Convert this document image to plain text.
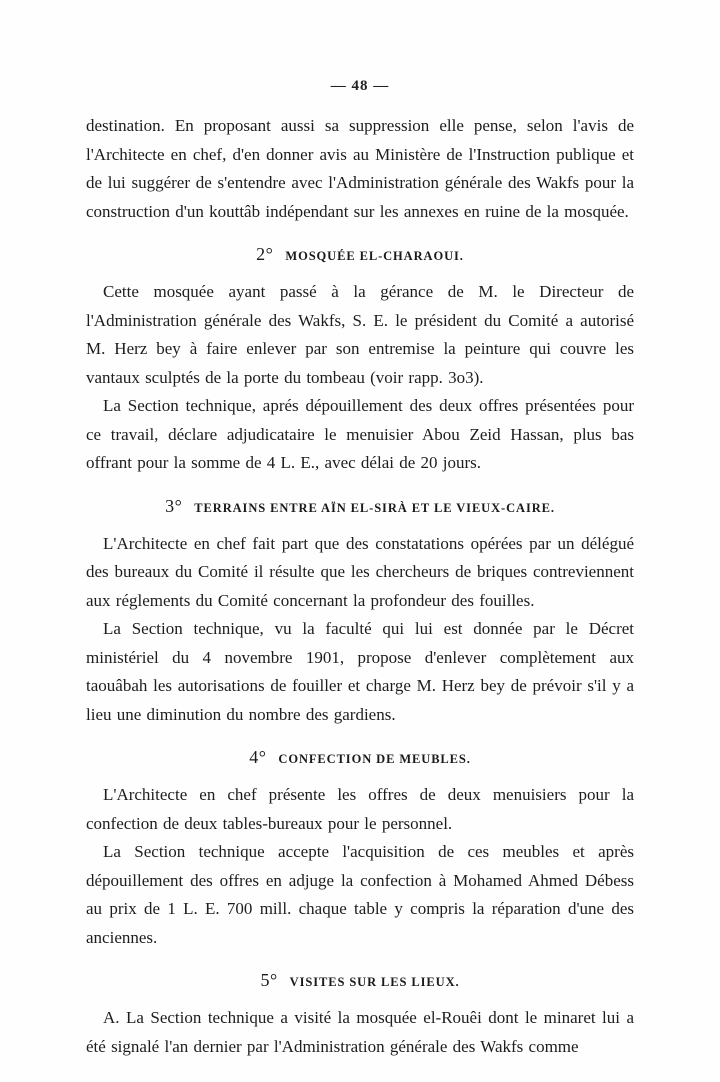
— 48 —

destination. En proposant aussi sa suppression elle pense, selon l'avis de l'Architecte en chef, d'en donner avis au Ministère de l'Instruction publique et de lui suggérer de s'entendre avec l'Administration générale des Wakfs pour la construction d'un kouttâb indépendant sur les annexes en ruine de la mosquée.

2° MOSQUÉE EL-CHARAOUI.

Cette mosquée ayant passé à la gérance de M. le Directeur de l'Administration générale des Wakfs, S. E. le président du Comité a autorisé M. Herz bey à faire enlever par son entremise la peinture qui couvre les vantaux sculptés de la porte du tombeau (voir rapp. 3o3).

La Section technique, aprés dépouillement des deux offres présentées pour ce travail, déclare adjudicataire le menuisier Abou Zeid Hassan, plus bas offrant pour la somme de 4 L. E., avec délai de 20 jours.

3° TERRAINS ENTRE AÏN EL-SIRÀ ET LE VIEUX-CAIRE.

L'Architecte en chef fait part que des constatations opérées par un délégué des bureaux du Comité il résulte que les chercheurs de briques contreviennent aux réglements du Comité concernant la profondeur des fouilles.

La Section technique, vu la faculté qui lui est donnée par le Décret ministériel du 4 novembre 1901, propose d'enlever complètement aux taouâbah les autorisations de fouiller et charge M. Herz bey de prévoir s'il y a lieu une diminution du nombre des gardiens.

4° CONFECTION DE MEUBLES.

L'Architecte en chef présente les offres de deux menuisiers pour la confection de deux tables-bureaux pour le personnel.

La Section technique accepte l'acquisition de ces meubles et après dépouillement des offres en adjuge la confection à Mohamed Ahmed Débess au prix de 1 L. E. 700 mill. chaque table y compris la réparation d'une des anciennes.

5° VISITES SUR LES LIEUX.

A. La Section technique a visité la mosquée el-Rouêi dont le minaret lui a été signalé l'an dernier par l'Administration générale des Wakfs comme
